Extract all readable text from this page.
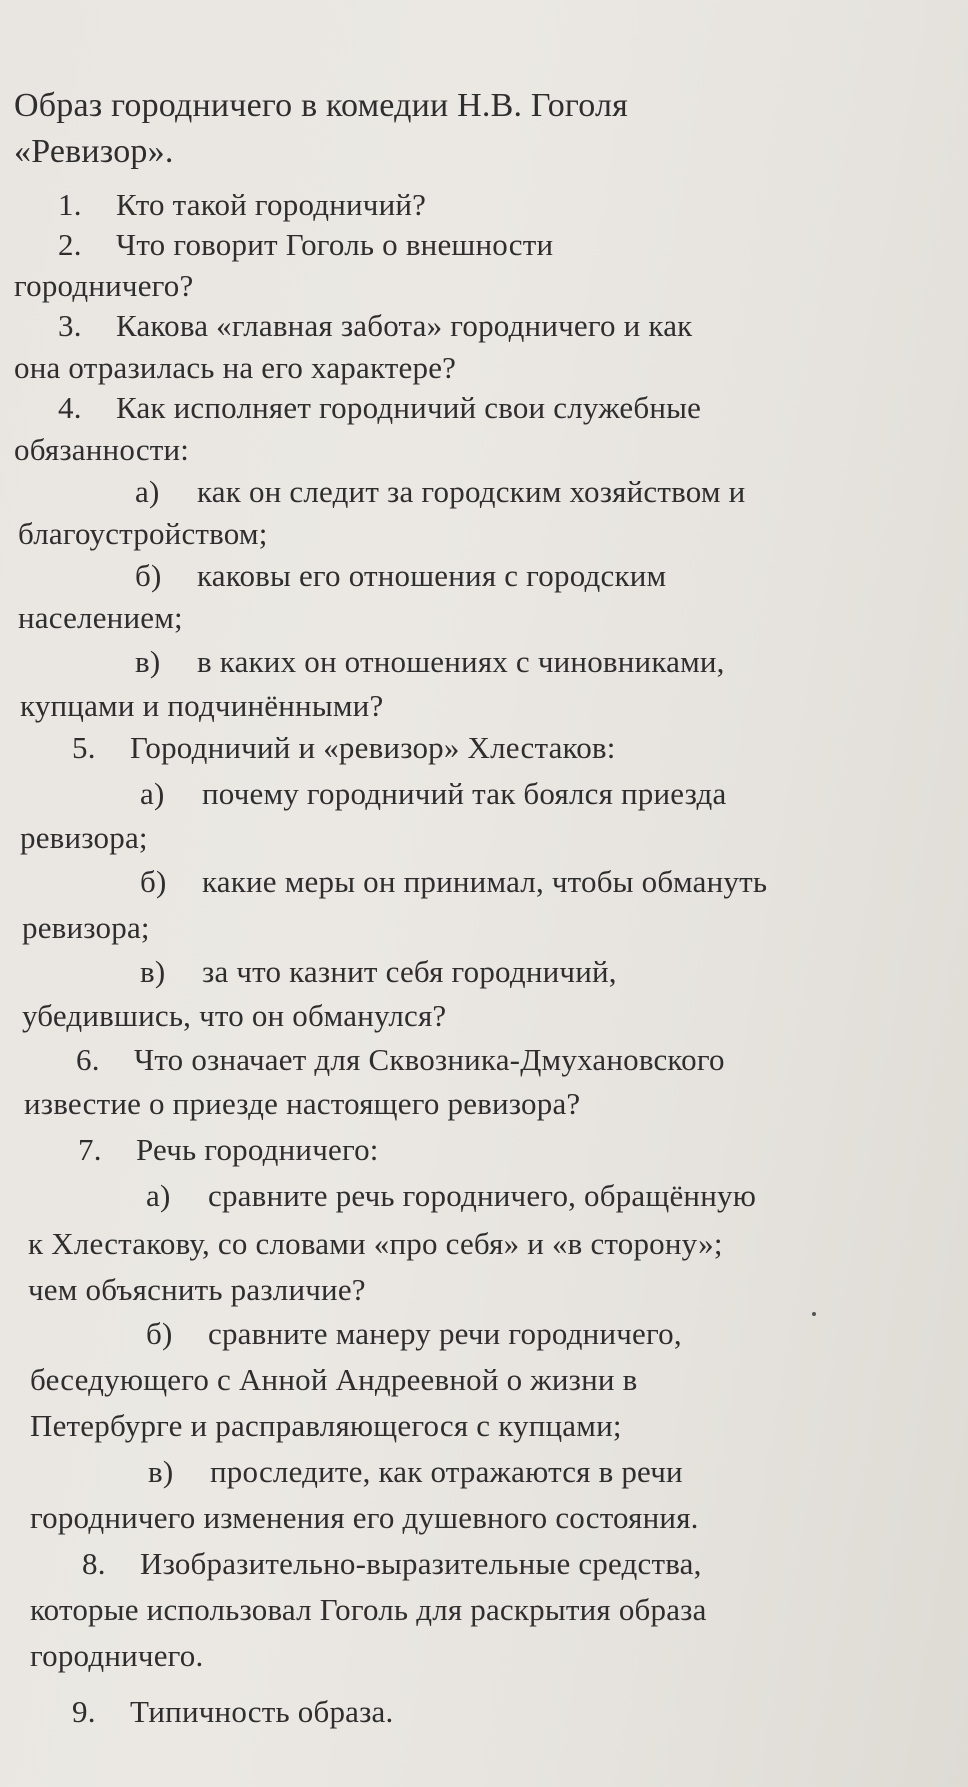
Образ городничего в комедии Н.В. Гоголя
«Ревизор».
1. Кто такой городничий?
2. Что говорит Гоголь о внешности
городничего?
3. Какова «главная забота» городничего и как
она отразилась на его характере?
4. Как исполняет городничий свои служебные
обязанности:
а) как он следит за городским хозяйством и
благоустройством;
б) каковы его отношения с городским
населением;
в) в каких он отношениях с чиновниками,
купцами и подчинёнными?
5. Городничий и «ревизор» Хлестаков:
а) почему городничий так боялся приезда
ревизора;
б) какие меры он принимал, чтобы обмануть
ревизора;
в) за что казнит себя городничий,
убедившись, что он обманулся?
6. Что означает для Сквозника-Дмухановского
известие о приезде настоящего ревизора?
7. Речь городничего:
а) сравните речь городничего, обращённую
к Хлестакову, со словами «про себя» и «в сторону»;
чем объяснить различие?
б) сравните манеру речи городничего,
беседующего с Анной Андреевной о жизни в
Петербурге и расправляющегося с купцами;
в) проследите, как отражаются в речи
городничего изменения его душевного состояния.
8. Изобразительно-выразительные средства,
которые использовал Гоголь для раскрытия образа
городничего.
9. Типичность образа.
